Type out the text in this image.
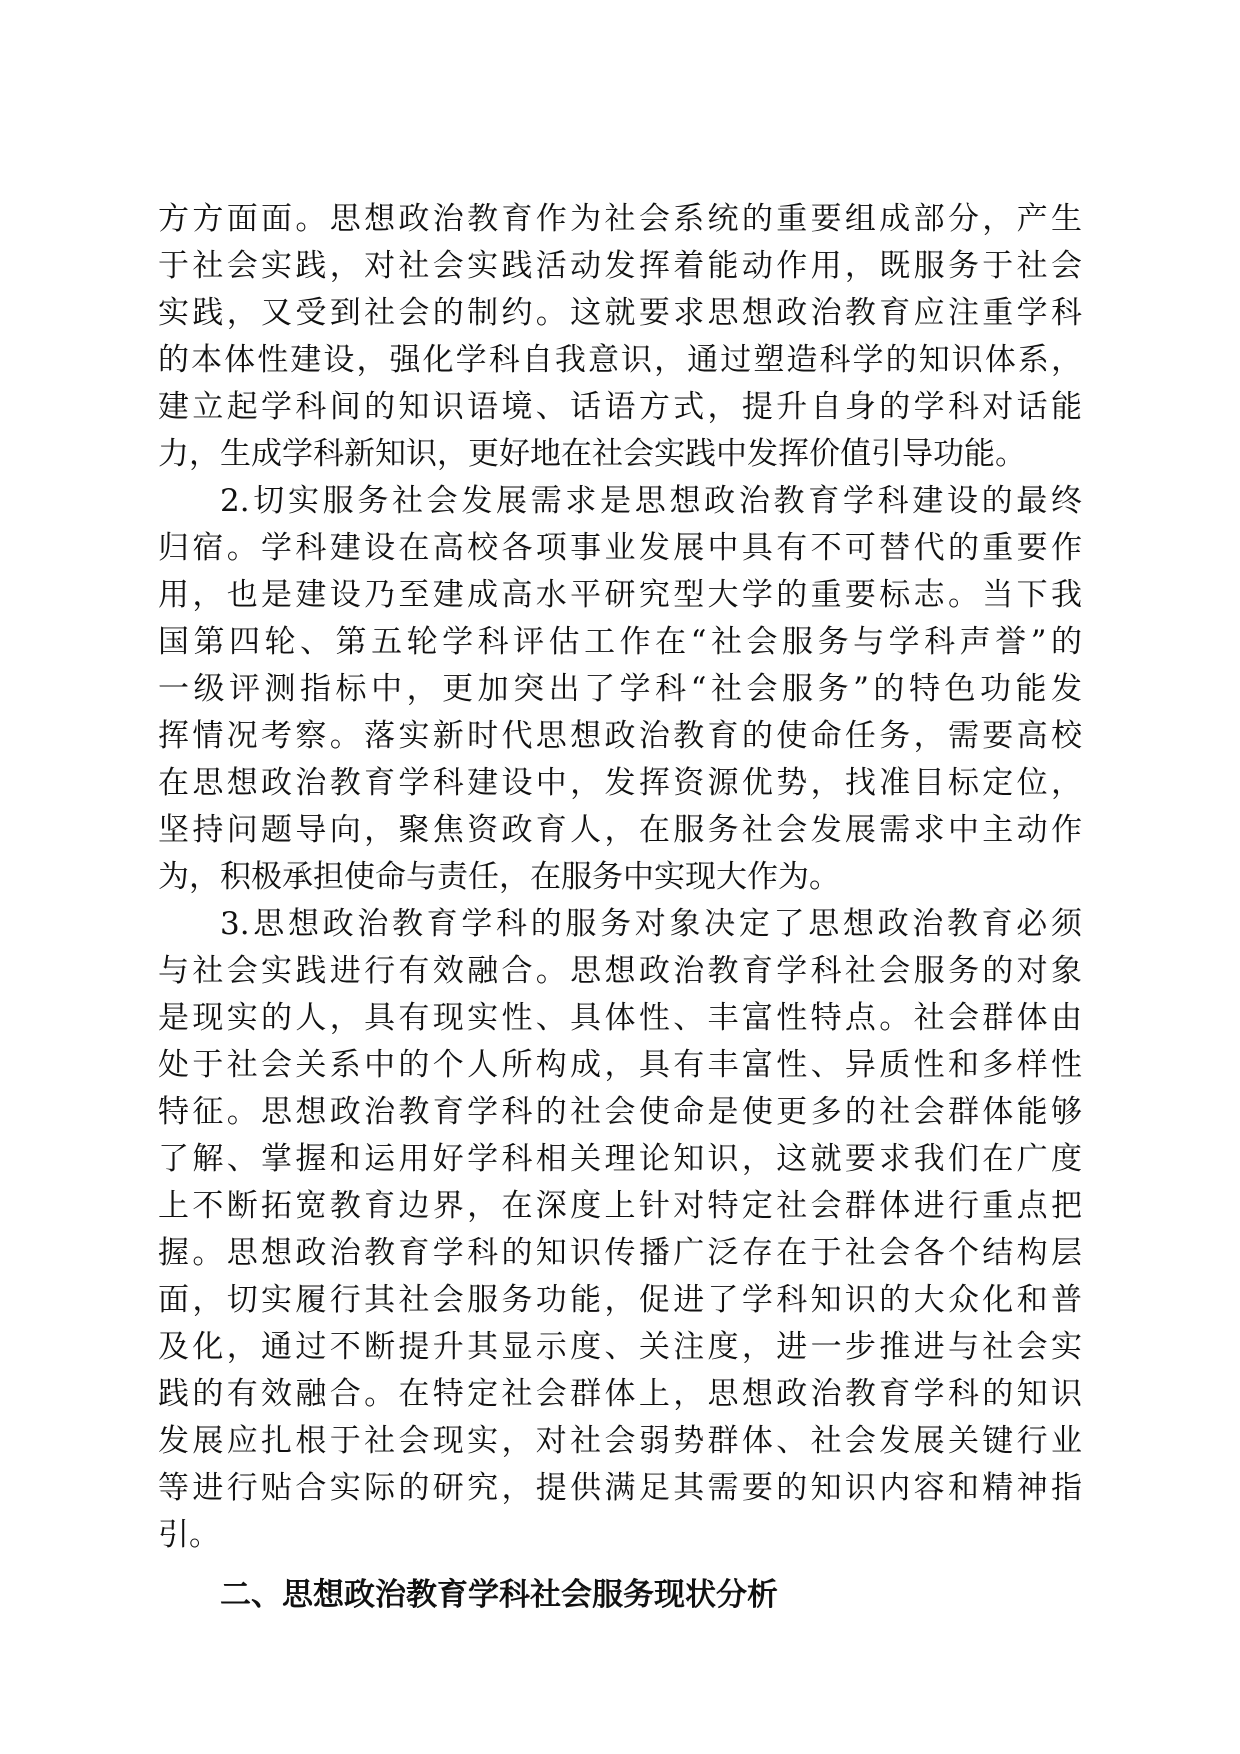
方方面面。思想政治教育作为社会系统的重要组成部分，产生
于社会实践，对社会实践活动发挥着能动作用，既服务于社会
实践，又受到社会的制约。这就要求思想政治教育应注重学科
的本体性建设，强化学科自我意识，通过塑造科学的知识体系，
建立起学科间的知识语境、话语方式，提升自身的学科对话能
力，生成学科新知识，更好地在社会实践中发挥价值引导功能。
2.切实服务社会发展需求是思想政治教育学科建设的最终
归宿。学科建设在高校各项事业发展中具有不可替代的重要作
用，也是建设乃至建成高水平研究型大学的重要标志。当下我
国第四轮、第五轮学科评估工作在“社会服务与学科声誉”的
一级评测指标中，更加突出了学科“社会服务”的特色功能发
挥情况考察。落实新时代思想政治教育的使命任务，需要高校
在思想政治教育学科建设中，发挥资源优势，找准目标定位，
坚持问题导向，聚焦资政育人，在服务社会发展需求中主动作
为，积极承担使命与责任，在服务中实现大作为。
3.思想政治教育学科的服务对象决定了思想政治教育必须
与社会实践进行有效融合。思想政治教育学科社会服务的对象
是现实的人，具有现实性、具体性、丰富性特点。社会群体由
处于社会关系中的个人所构成，具有丰富性、异质性和多样性
特征。思想政治教育学科的社会使命是使更多的社会群体能够
了解、掌握和运用好学科相关理论知识，这就要求我们在广度
上不断拓宽教育边界，在深度上针对特定社会群体进行重点把
握。思想政治教育学科的知识传播广泛存在于社会各个结构层
面，切实履行其社会服务功能，促进了学科知识的大众化和普
及化，通过不断提升其显示度、关注度，进一步推进与社会实
践的有效融合。在特定社会群体上，思想政治教育学科的知识
发展应扎根于社会现实，对社会弱势群体、社会发展关键行业
等进行贴合实际的研究，提供满足其需要的知识内容和精神指
引。
二、思想政治教育学科社会服务现状分析
